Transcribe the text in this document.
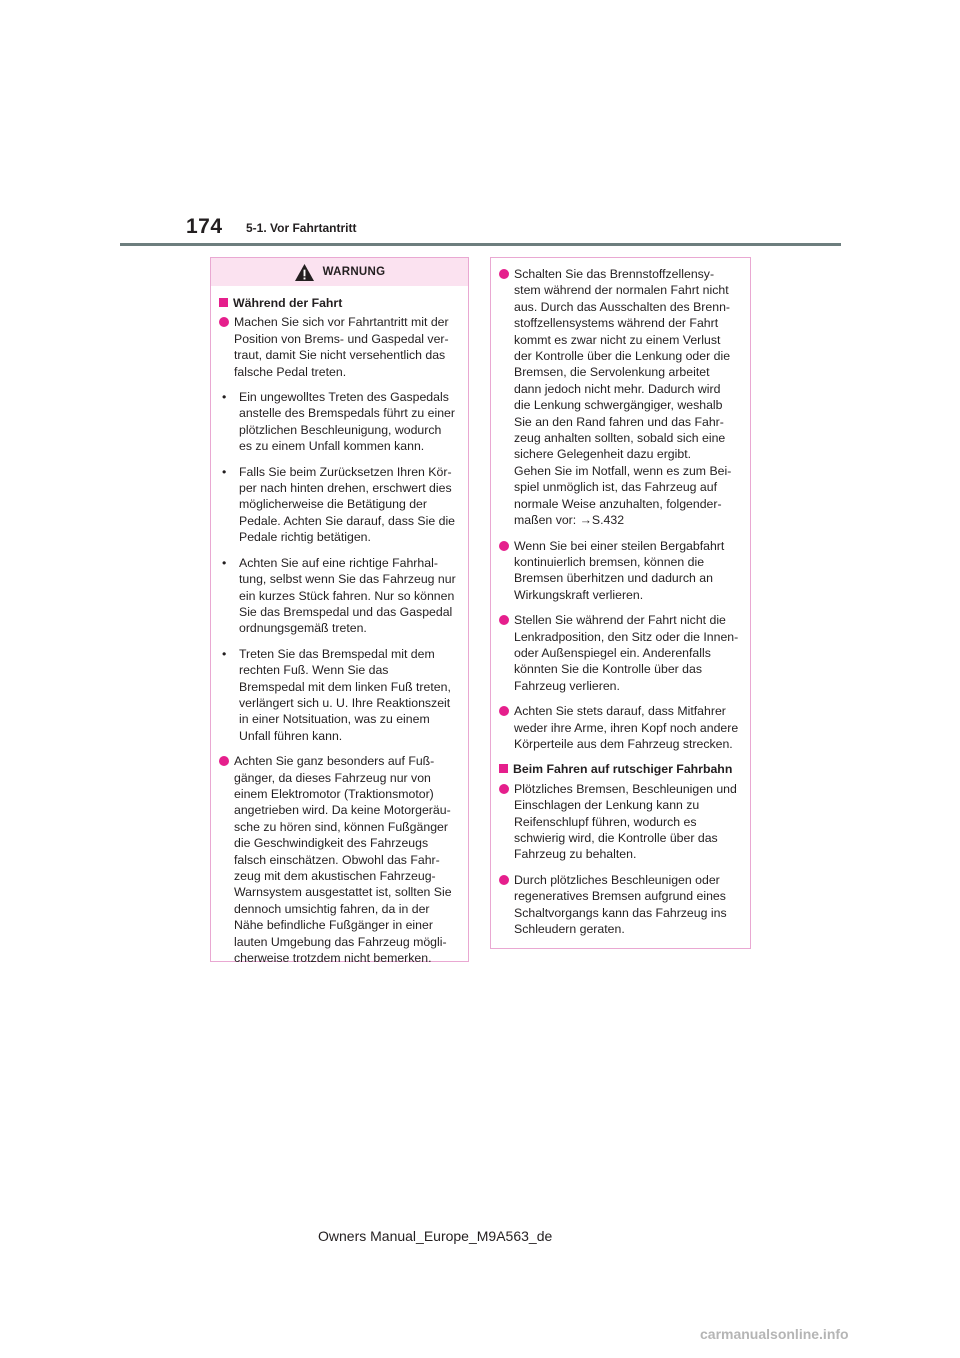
174 5-1. Vor Fahrtantritt
WARNUNG
Während der Fahrt
Machen Sie sich vor Fahrtantritt mit der Position von Brems- und Gaspedal ver-traut, damit Sie nicht versehentlich das falsche Pedal treten.
•	Ein ungewolltes Treten des Gaspedals anstelle des Bremspedals führt zu einer plötzlichen Beschleunigung, wodurch es zu einem Unfall kommen kann.
•	Falls Sie beim Zurücksetzen Ihren Kör-per nach hinten drehen, erschwert dies möglicherweise die Betätigung der Pedale. Achten Sie darauf, dass Sie die Pedale richtig betätigen.
•	Achten Sie auf eine richtige Fahrhal-tung, selbst wenn Sie das Fahrzeug nur ein kurzes Stück fahren. Nur so können Sie das Bremspedal und das Gaspedal ordnungsgemäß treten.
•	Treten Sie das Bremspedal mit dem rechten Fuß. Wenn Sie das Bremspedal mit dem linken Fuß treten, verlängert sich u. U. Ihre Reaktionszeit in einer Notsituation, was zu einem Unfall führen kann.
Achten Sie ganz besonders auf Fuß-gänger, da dieses Fahrzeug nur von einem Elektromotor (Traktionsmotor) angetrieben wird. Da keine Motorgeräu-sche zu hören sind, können Fußgänger die Geschwindigkeit des Fahrzeugs falsch einschätzen. Obwohl das Fahr-zeug mit dem akustischen Fahrzeug-Warnsystem ausgestattet ist, sollten Sie dennoch umsichtig fahren, da in der Nähe befindliche Fußgänger in einer lauten Umgebung das Fahrzeug mögli-cherweise trotzdem nicht bemerken.
Schalten Sie das Brennstoffzellensy-stem während der normalen Fahrt nicht aus. Durch das Ausschalten des Brenn-stoffzellensystems während der Fahrt kommt es zwar nicht zu einem Verlust der Kontrolle über die Lenkung oder die Bremsen, die Servolenkung arbeitet dann jedoch nicht mehr. Dadurch wird die Lenkung schwergängiger, weshalb Sie an den Rand fahren und das Fahr-zeug anhalten sollten, sobald sich eine sichere Gelegenheit dazu ergibt.
Gehen Sie im Notfall, wenn es zum Bei-spiel unmöglich ist, das Fahrzeug auf normale Weise anzuhalten, folgender-maßen vor: →S.432
Wenn Sie bei einer steilen Bergabfahrt kontinuierlich bremsen, können die Bremsen überhitzen und dadurch an Wirkungskraft verlieren.
Stellen Sie während der Fahrt nicht die Lenkradposition, den Sitz oder die Innen- oder Außenspiegel ein. Anderenfalls könnten Sie die Kontrolle über das Fahrzeug verlieren.
Achten Sie stets darauf, dass Mitfahrer weder ihre Arme, ihren Kopf noch andere Körperteile aus dem Fahrzeug strecken.
Beim Fahren auf rutschiger Fahrbahn
Plötzliches Bremsen, Beschleunigen und Einschlagen der Lenkung kann zu Reifenschlupf führen, wodurch es schwierig wird, die Kontrolle über das Fahrzeug zu behalten.
Durch plötzliches Beschleunigen oder regeneratives Bremsen aufgrund eines Schaltvorgangs kann das Fahrzeug ins Schleudern geraten.
Owners Manual_Europe_M9A563_de
carmanualsonline.info
